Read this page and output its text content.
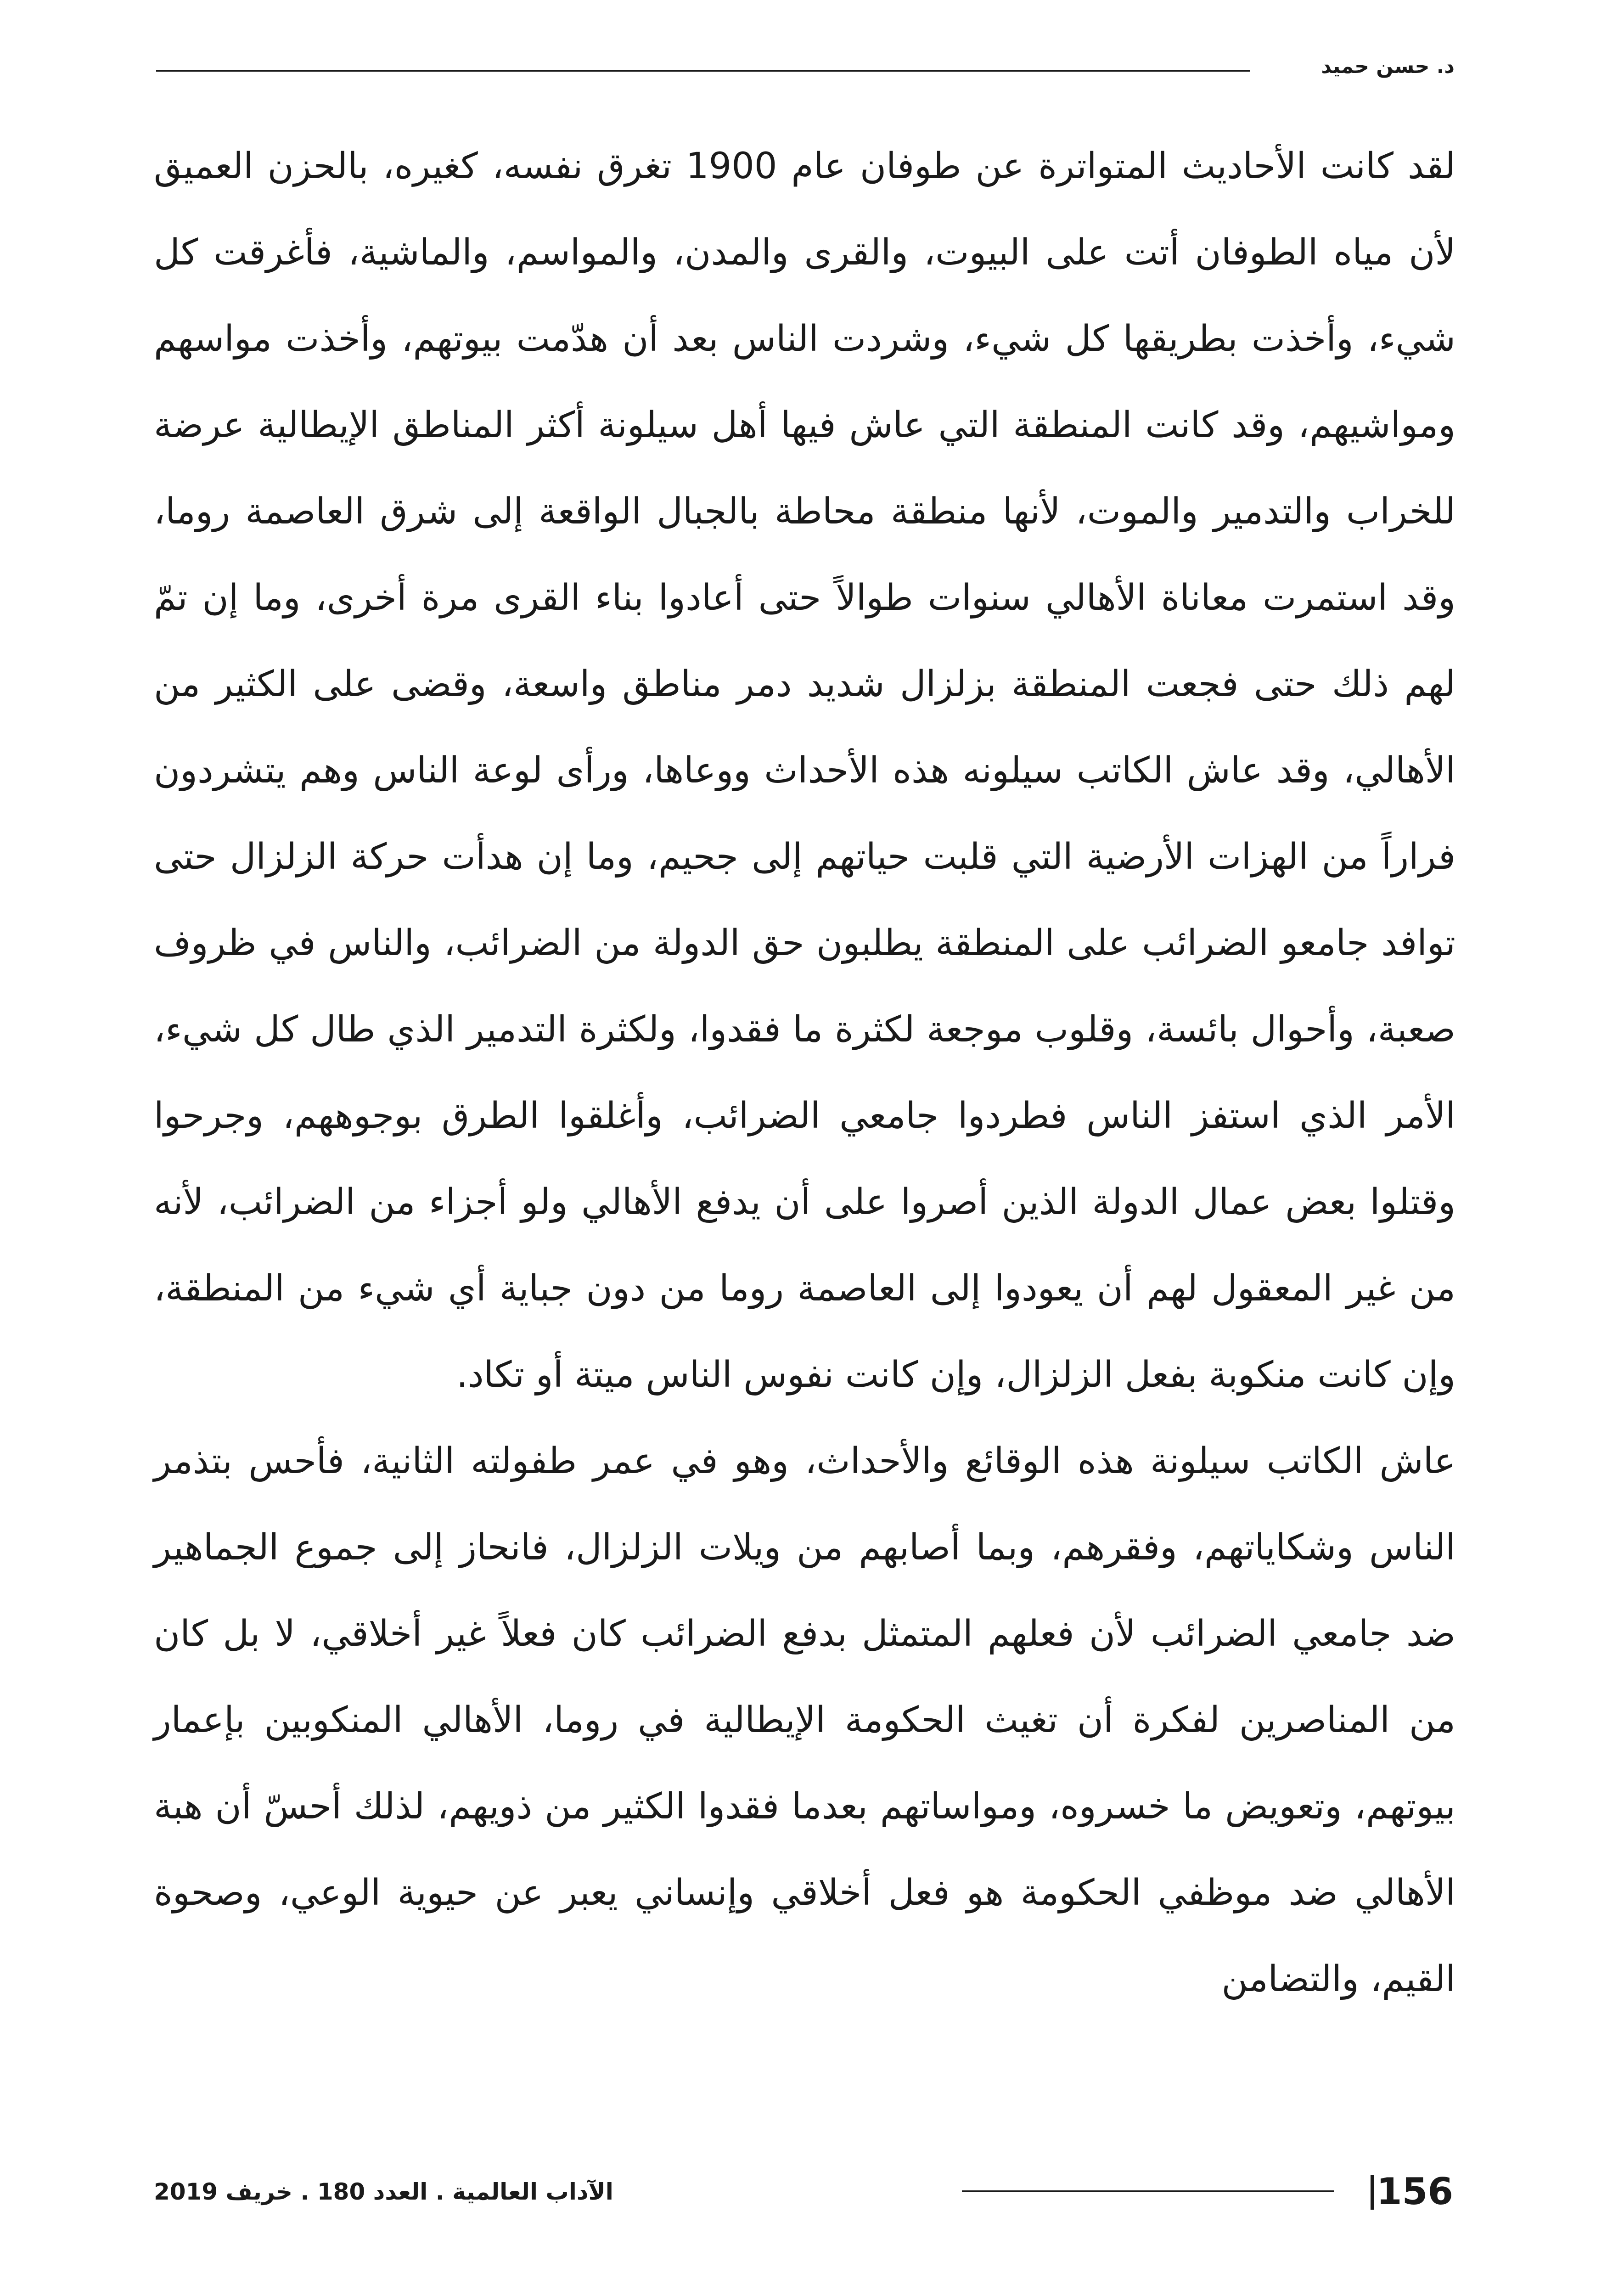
د. حسن حميد

لقد كانت الأحاديث المتواترة عن طوفان عام 1900 تغرق نفسه، كغيره، بالحزن العميق لأن مياه الطوفان أتت على البيوت، والقرى والمدن، والمواسم، والماشية، فأغرقت كل شيء، وأخذت بطريقها كل شيء، وشردت الناس بعد أن هدّمت بيوتهم، وأخذت مواسهم ومواشيهم، وقد كانت المنطقة التي عاش فيها أهل سيلونة أكثر المناطق الإيطالية عرضة للخراب والتدمير والموت، لأنها منطقة محاطة بالجبال الواقعة إلى شرق العاصمة روما، وقد استمرت معاناة الأهالي سنوات طوالاً حتى أعادوا بناء القرى مرة أخرى، وما إن تمّ لهم ذلك حتى فجعت المنطقة بزلزال شديد دمر مناطق واسعة، وقضى على الكثير من الأهالي، وقد عاش الكاتب سيلونه هذه الأحداث ووعاها، ورأى لوعة الناس وهم يتشردون فراراً من الهزات الأرضية التي قلبت حياتهم إلى جحيم، وما إن هدأت حركة الزلزال حتى توافد جامعو الضرائب على المنطقة يطلبون حق الدولة من الضرائب، والناس في ظروف صعبة، وأحوال بائسة، وقلوب موجعة لكثرة ما فقدوا، ولكثرة التدمير الذي طال كل شيء، الأمر الذي استفز الناس فطردوا جامعي الضرائب، وأغلقوا الطرق بوجوههم، وجرحوا وقتلوا بعض عمال الدولة الذين أصروا على أن يدفع الأهالي ولو أجزاء من الضرائب، لأنه من غير المعقول لهم أن يعودوا إلى العاصمة روما من دون جباية أي شيء من المنطقة، وإن كانت منكوبة بفعل الزلزال، وإن كانت نفوس الناس ميتة أو تكاد.

عاش الكاتب سيلونة هذه الوقائع والأحداث، وهو في عمر طفولته الثانية، فأحس بتذمر الناس وشكاياتهم، وفقرهم، وبما أصابهم من ويلات الزلزال، فانحاز إلى جموع الجماهير ضد جامعي الضرائب لأن فعلهم المتمثل بدفع الضرائب كان فعلاً غير أخلاقي، لا بل كان من المناصرين لفكرة أن تغيث الحكومة الإيطالية في روما، الأهالي المنكوبين بإعمار بيوتهم، وتعويض ما خسروه، ومواساتهم بعدما فقدوا الكثير من ذويهم، لذلك أحسّ أن هبة الأهالي ضد موظفي الحكومة هو فعل أخلاقي وإنساني يعبر عن حيوية الوعي، وصحوة القيم، والتضامن

156
الآداب العالمية . العدد 180 . خريف 2019
